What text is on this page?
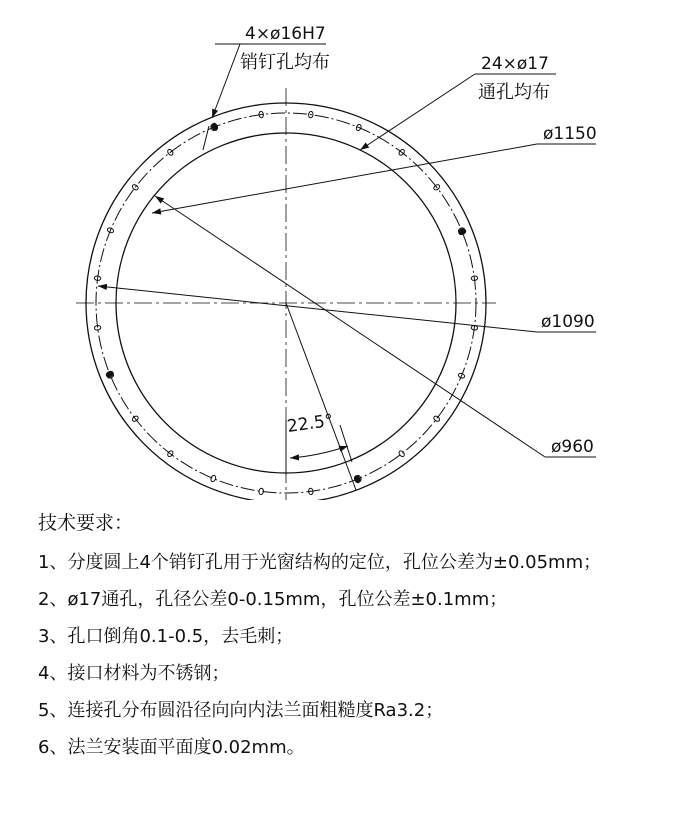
4×ø16H7
销钉孔均布	24×ø17
通孔均布
ø1150
ø1090
ø960
22.5°
技术要求：
1、分度圆上4个销钉孔用于光窗结构的定位，孔位公差为±0.05mm；
2、ø17通孔，孔径公差0-0.15mm，孔位公差±0.1mm；
3、孔口倒角0.1-0.5，去毛刺；
4、接口材料为不锈钢；
5、连接孔分布圆沿径向向内法兰面粗糙度Ra3.2；
6、法兰安装面平面度0.02mm。
